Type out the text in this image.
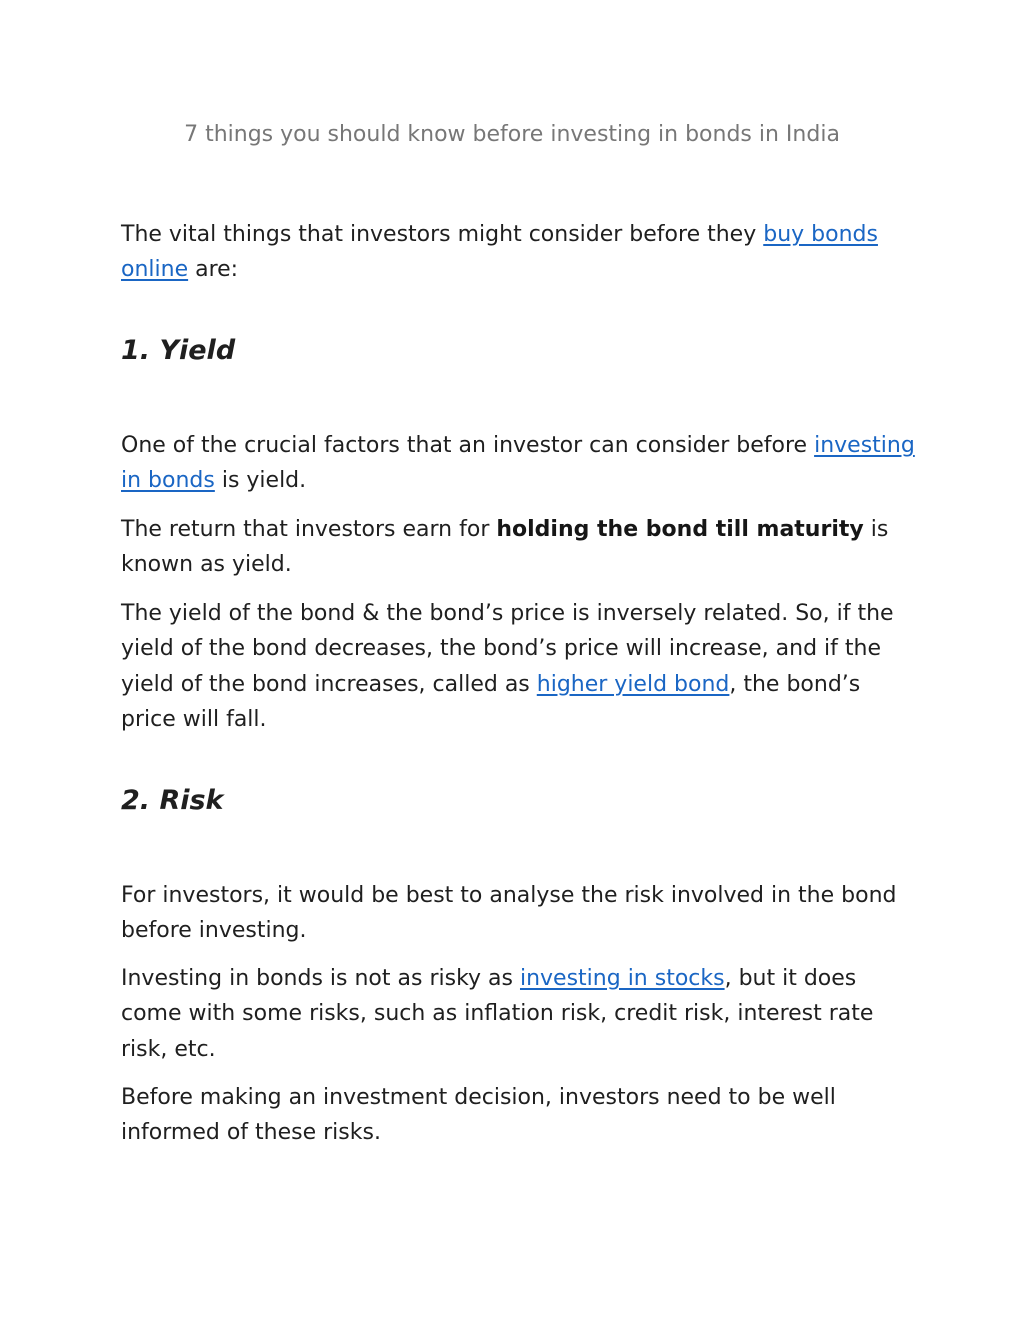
7 things you should know before investing in bonds in India

The vital things that investors might consider before they buy bonds online are:

1. Yield

One of the crucial factors that an investor can consider before investing in bonds is yield.

The return that investors earn for holding the bond till maturity is known as yield.

The yield of the bond & the bond’s price is inversely related. So, if the yield of the bond decreases, the bond’s price will increase, and if the yield of the bond increases, called as higher yield bond, the bond’s price will fall.

2. Risk

For investors, it would be best to analyse the risk involved in the bond before investing.

Investing in bonds is not as risky as investing in stocks, but it does come with some risks, such as inflation risk, credit risk, interest rate risk, etc.

Before making an investment decision, investors need to be well informed of these risks.
